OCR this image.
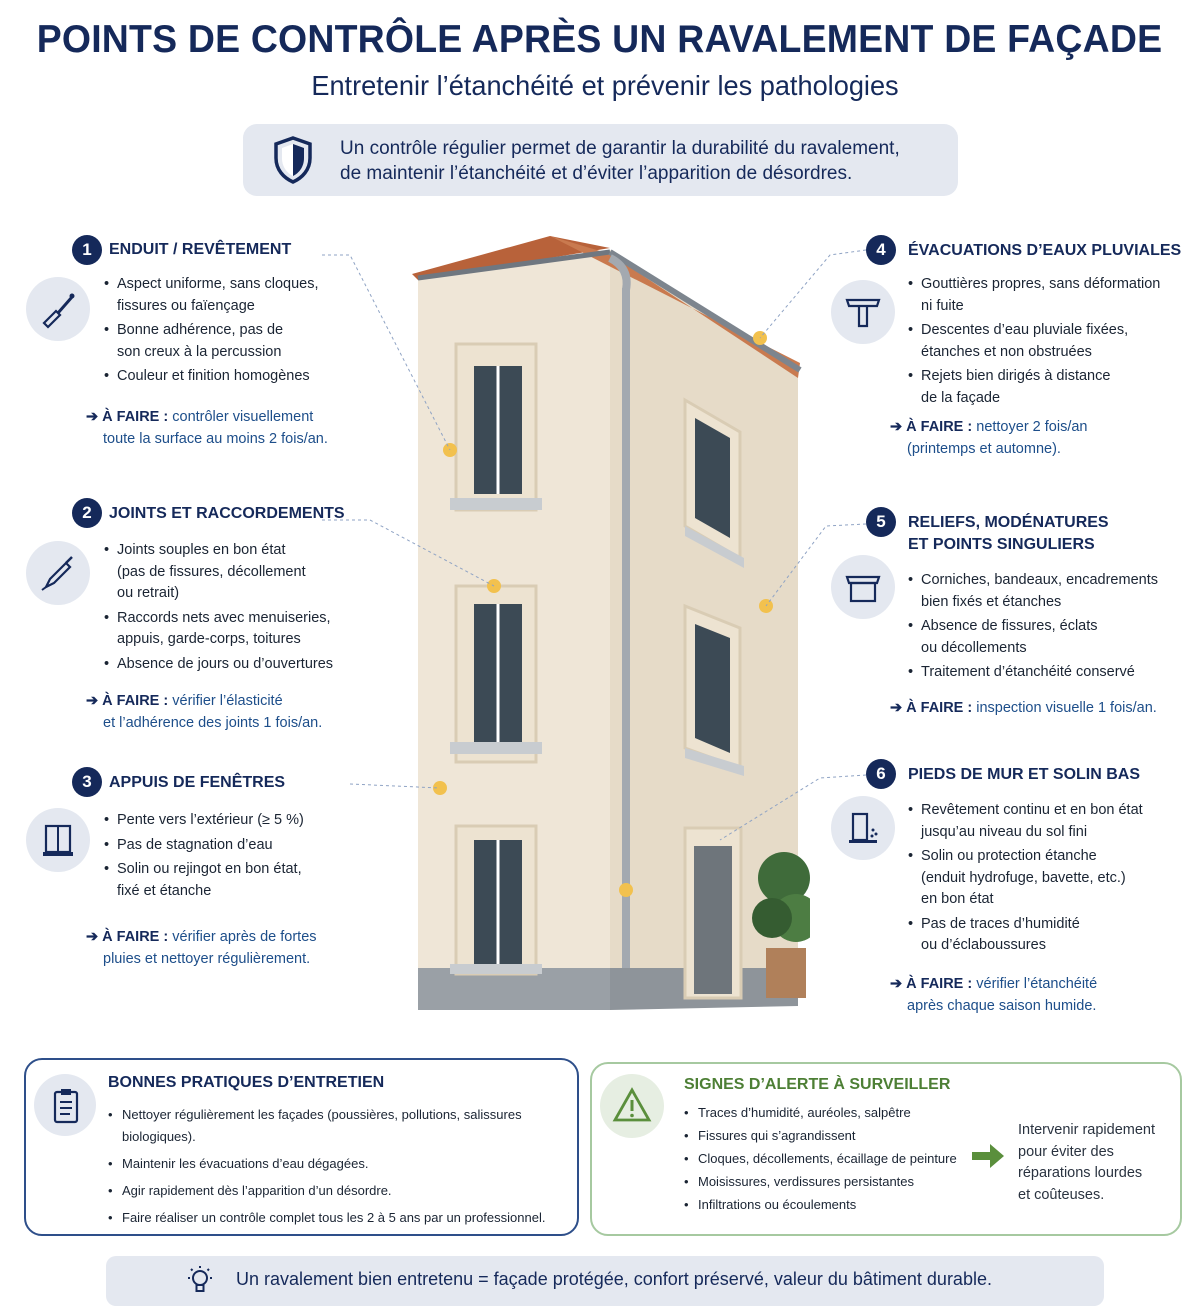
POINTS DE CONTRÔLE APRÈS UN RAVALEMENT DE FAÇADE
Entretenir l’étanchéité et prévenir les pathologies
Un contrôle régulier permet de garantir la durabilité du ravalement,
de maintenir l’étanchéité et d’éviter l’apparition de désordres.
1	ENDUIT / REVÊTEMENT
• Aspect uniforme, sans cloques,
fissures ou faïençage
• Bonne adhérence, pas de
son creux à la percussion
• Couleur et finition homogènes
➔ À FAIRE : contrôler visuellement
toute la surface au moins 2 fois/an.
2	JOINTS ET RACCORDEMENTS
• Joints souples en bon état
(pas de fissures, décollement
ou retrait)
• Raccords nets avec menuiseries,
appuis, garde-corps, toitures
• Absence de jours ou d’ouvertures
➔ À FAIRE : vérifier l’élasticité
et l’adhérence des joints 1 fois/an.
3	APPUIS DE FENÊTRES
• Pente vers l’extérieur (≥ 5 %)
• Pas de stagnation d’eau
• Solin ou rejingot en bon état,
fixé et étanche
➔ À FAIRE : vérifier après de fortes
pluies et nettoyer régulièrement.
4	ÉVACUATIONS D’EAUX PLUVIALES
• Gouttières propres, sans déformation
ni fuite
• Descentes d’eau pluviale fixées,
étanches et non obstruées
• Rejets bien dirigés à distance
de la façade
➔ À FAIRE : nettoyer 2 fois/an
(printemps et automne).
5	RELIEFS, MODÉNATURES
ET POINTS SINGULIERS
• Corniches, bandeaux, encadrements
bien fixés et étanches
• Absence de fissures, éclats
ou décollements
• Traitement d’étanchéité conservé
➔ À FAIRE : inspection visuelle 1 fois/an.
6	PIEDS DE MUR ET SOLIN BAS
• Revêtement continu et en bon état
jusqu’au niveau du sol fini
• Solin ou protection étanche
(enduit hydrofuge, bavette, etc.)
en bon état
• Pas de traces d’humidité
ou d’éclaboussures
➔ À FAIRE : vérifier l’étanchéité
après chaque saison humide.
BONNES PRATIQUES D’ENTRETIEN
• Nettoyer régulièrement les façades (poussières, pollutions, salissures biologiques).
• Maintenir les évacuations d’eau dégagées.
• Agir rapidement dès l’apparition d’un désordre.
• Faire réaliser un contrôle complet tous les 2 à 5 ans par un professionnel.
SIGNES D’ALERTE À SURVEILLER
• Traces d’humidité, auréoles, salpêtre
• Fissures qui s’agrandissent
• Cloques, décollements, écaillage de peinture
• Moisissures, verdissures persistantes
• Infiltrations ou écoulements
Intervenir rapidement
pour éviter des
réparations lourdes
et coûteuses.
Un ravalement bien entretenu = façade protégée, confort préservé, valeur du bâtiment durable.
